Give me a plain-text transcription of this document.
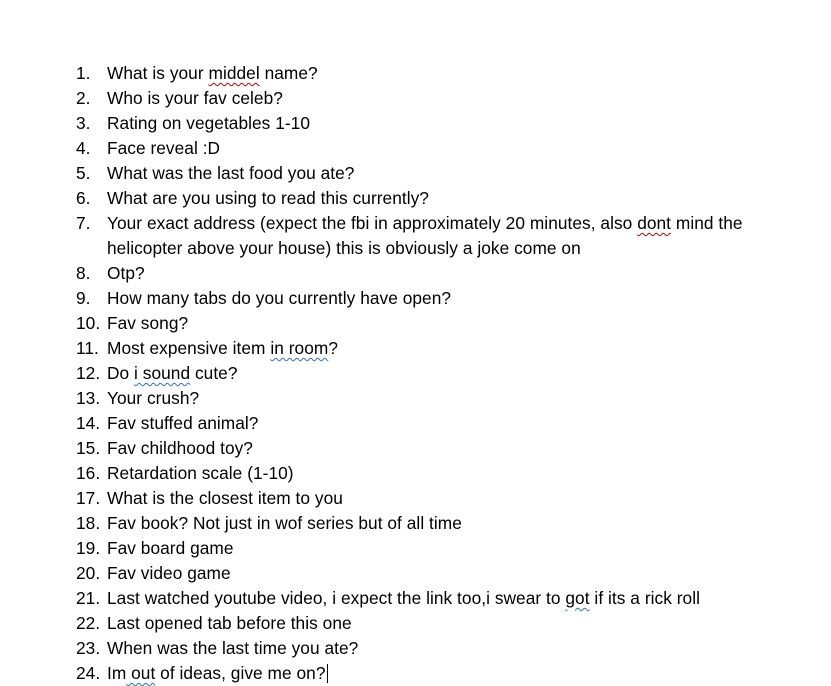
1. What is your middel name?
2. Who is your fav celeb?
3. Rating on vegetables 1-10
4. Face reveal :D
5. What was the last food you ate?
6. What are you using to read this currently?
7. Your exact address (expect the fbi in approximately 20 minutes, also dont mind the helicopter above your house) this is obviously a joke come on
8. Otp?
9. How many tabs do you currently have open?
10. Fav song?
11. Most expensive item in room?
12. Do i sound cute?
13. Your crush?
14. Fav stuffed animal?
15. Fav childhood toy?
16. Retardation scale (1-10)
17. What is the closest item to you
18. Fav book? Not just in wof series but of all time
19. Fav board game
20. Fav video game
21. Last watched youtube video, i expect the link too,i swear to got if its a rick roll
22. Last opened tab before this one
23. When was the last time you ate?
24. Im out of ideas, give me on?
